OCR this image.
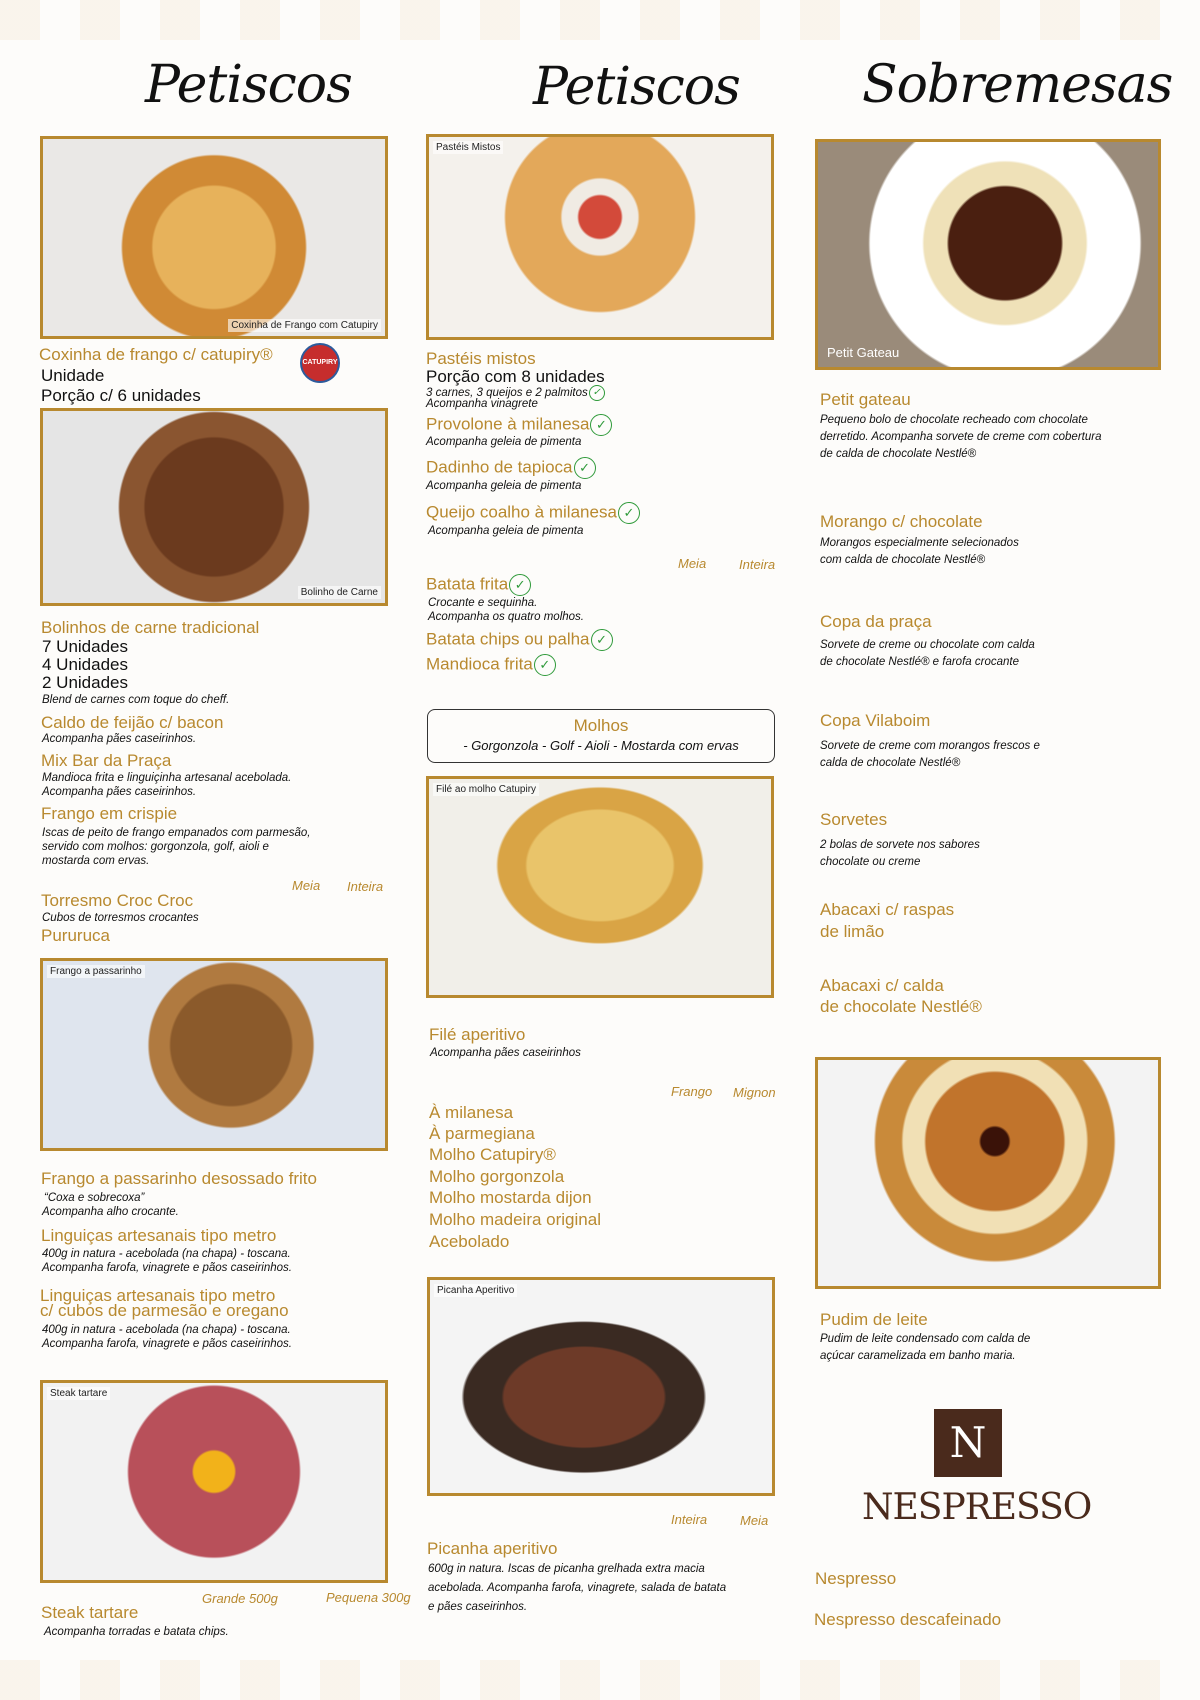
Petiscos
Coxinha de Frango com Catupiry
Coxinha de frango c/ catupiry®	CATUPIRY
Unidade
Porção c/ 6 unidades
Bolinho de Carne
Bolinhos de carne tradicional
7 Unidades
4 Unidades
2 Unidades
Blend de carnes com toque do cheff.
Caldo de feijão c/ bacon
Acompanha pães caseirinhos.
Mix Bar da Praça
Mandioca frita e linguiçinha artesanal acebolada.
Acompanha pães caseirinhos.
Frango em crispie
Iscas de peito de frango empanados com parmesão,
servido com molhos: gorgonzola, golf, aioli e
mostarda com ervas.
Meia Inteira
Torresmo Croc Croc
Cubos de torresmos crocantes
Pururuca
Frango a passarinho
Frango a passarinho desossado frito
“Coxa e sobrecoxa”
Acompanha alho crocante.
Linguiças artesanais tipo metro
400g in natura - acebolada (na chapa) - toscana.
Acompanha farofa, vinagrete e pãos caseirinhos.
Linguiças artesanais tipo metro
c/ cubos de parmesão e oregano
400g in natura - acebolada (na chapa) - toscana.
Acompanha farofa, vinagrete e pãos caseirinhos.
Steak tartare
Grande 500g	Pequena 300g
Steak tartare
Acompanha torradas e batata chips.
Petiscos
Pastéis Mistos
Pastéis mistos
Porção com 8 unidades
3 carnes, 3 queijos e 2 palmitos ✓
Acompanha vinagrete
Provolone à milanesa ✓
Acompanha geleia de pimenta
Dadinho de tapioca ✓
Acompanha geleia de pimenta
Queijo coalho à milanesa ✓
Acompanha geleia de pimenta
Meia	Inteira
Batata frita ✓
Crocante e sequinha.
Acompanha os quatro molhos.
Batata chips ou palha ✓
Mandioca frita ✓
Molhos
- Gorgonzola - Golf - Aioli - Mostarda com ervas
Filé ao molho Catupiry
Filé aperitivo
Acompanha pães caseirinhos
Frango Mignon
À milanesa
À parmegiana
Molho Catupiry®
Molho gorgonzola
Molho mostarda dijon
Molho madeira original
Acebolado
Picanha Aperitivo
Inteira	Meia
Picanha aperitivo
600g in natura. Iscas de picanha grelhada extra macia
acebolada. Acompanha farofa, vinagrete, salada de batata
e pães caseirinhos.
Sobremesas
Petit Gateau
Petit gateau
Pequeno bolo de chocolate recheado com chocolate
derretido. Acompanha sorvete de creme com cobertura
de calda de chocolate Nestlé®
Morango c/ chocolate
Morangos especialmente selecionados
com calda de chocolate Nestlé®
Copa da praça
Sorvete de creme ou chocolate com calda
de chocolate Nestlé® e farofa crocante
Copa Vilaboim
Sorvete de creme com morangos frescos e
calda de chocolate Nestlé®
Sorvetes
2 bolas de sorvete nos sabores
chocolate ou creme
Abacaxi c/ raspas
de limão
Abacaxi c/ calda
de chocolate Nestlé®
Pudim de leite
Pudim de leite condensado com calda de
açúcar caramelizada em banho maria.
N
NESPRESSO
Nespresso
Nespresso descafeinado
